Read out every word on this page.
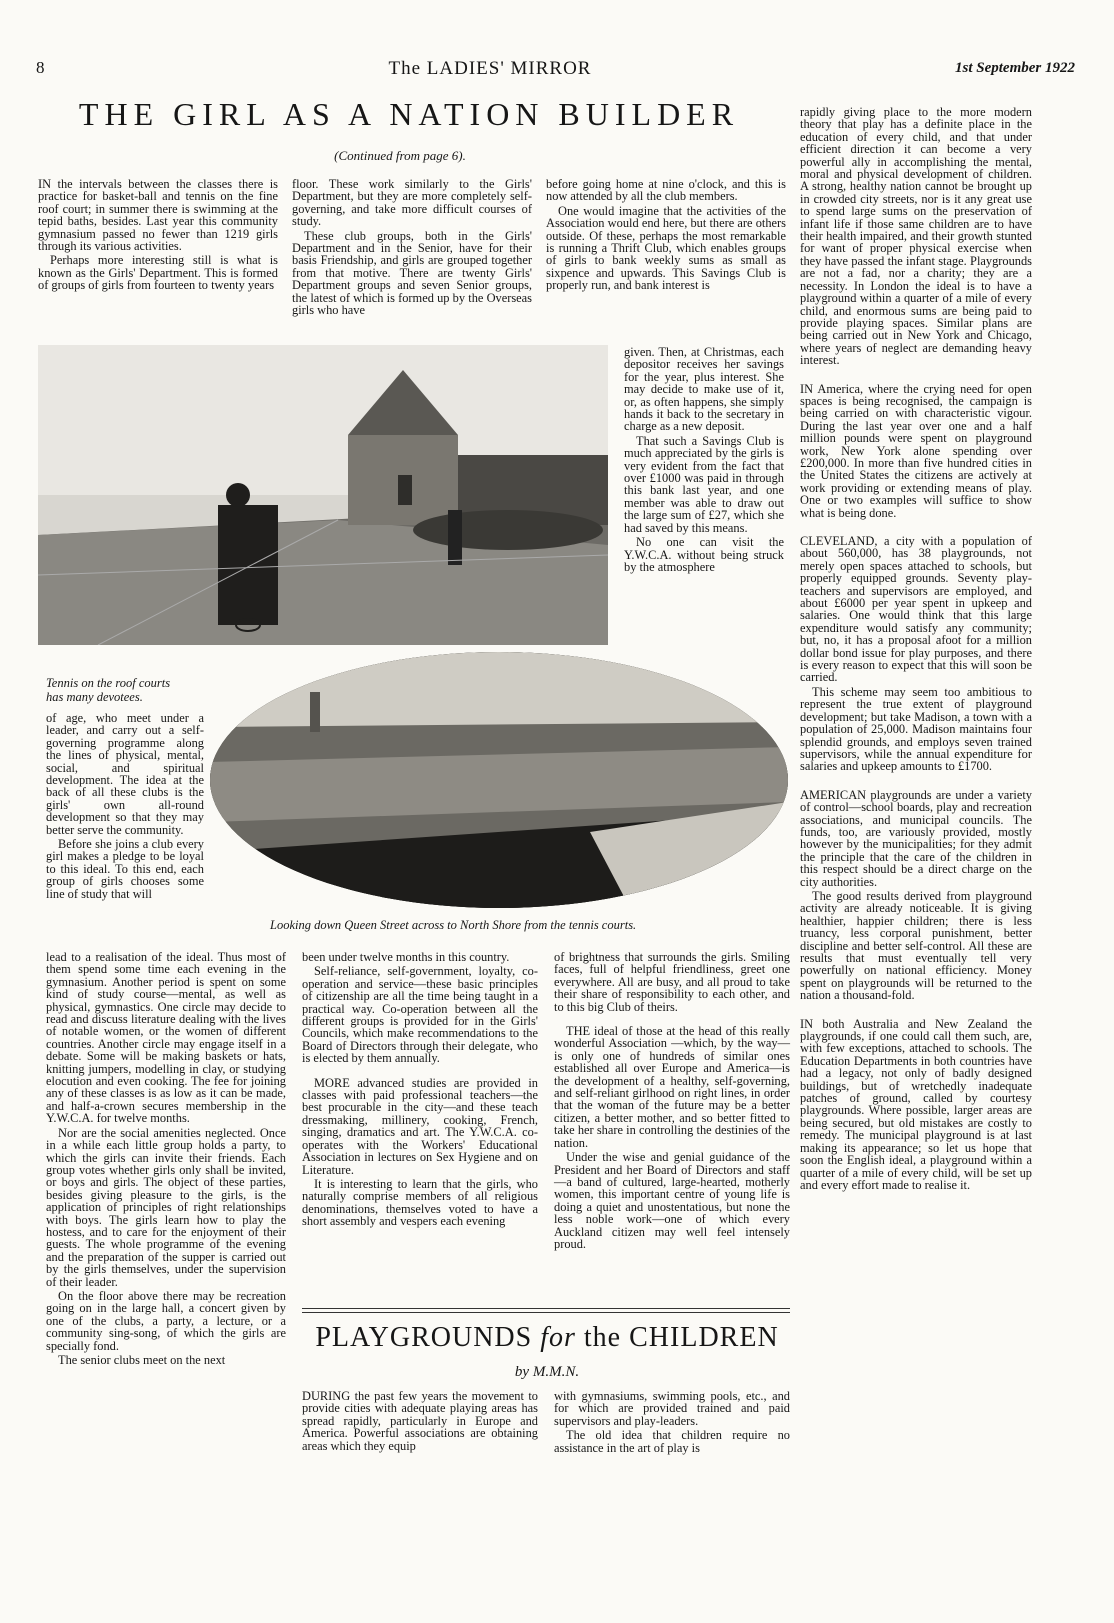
8	The LADIES' MIRROR	1st September 1922
THE GIRL AS A NATION BUILDER
(Continued from page 6).

IN the intervals between the classes there is practice for basket-ball and tennis on the fine roof court; in summer there is swimming at the tepid baths, besides. Last year this community gymnasium passed no fewer than 1219 girls through its various activities.

Perhaps more interesting still is what is known as the Girls' Department. This is formed of groups of girls from fourteen to twenty years

floor. These work similarly to the Girls' Department, but they are more completely self-governing, and take more difficult courses of study.

These club groups, both in the Girls' Department and in the Senior, have for their basis Friendship, and girls are grouped together from that motive. There are twenty Girls' Department groups and seven Senior groups, the latest of which is formed up by the Overseas girls who have

before going home at nine o'clock, and this is now attended by all the club members.

One would imagine that the activities of the Association would end here, but there are others outside. Of these, perhaps the most remarkable is running a Thrift Club, which enables groups of girls to bank weekly sums as small as sixpence and upwards. This Savings Club is properly run, and bank interest is

given. Then, at Christmas, each depositor receives her savings for the year, plus interest. She may decide to make use of it, or, as often happens, she simply hands it back to the secretary in charge as a new deposit.

That such a Savings Club is much appreciated by the girls is very evident from the fact that over £1000 was paid in through this bank last year, and one member was able to draw out the large sum of £27, which she had saved by this means.

No one can visit the Y.W.C.A. without being struck by the atmosphere

Tennis on the roof courts has many devotees.

of age, who meet under a leader, and carry out a self-governing programme along the lines of physical, mental, social, and spiritual development. The idea at the back of all these clubs is the girls' own all-round development so that they may better serve the community.

Before she joins a club every girl makes a pledge to be loyal to this ideal. To this end, each group of girls chooses some line of study that will

Looking down Queen Street across to North Shore from the tennis courts.

lead to a realisation of the ideal. Thus most of them spend some time each evening in the gymnasium. Another period is spent on some kind of study course—mental, as well as physical, gymnastics. One circle may decide to read and discuss literature dealing with the lives of notable women, or the women of different countries. Another circle may engage itself in a debate. Some will be making baskets or hats, knitting jumpers, modelling in clay, or studying elocution and even cooking. The fee for joining any of these classes is as low as it can be made, and half-a-crown secures membership in the Y.W.C.A. for twelve months.

Nor are the social amenities neglected. Once in a while each little group holds a party, to which the girls can invite their friends. Each group votes whether girls only shall be invited, or boys and girls. The object of these parties, besides giving pleasure to the girls, is the application of principles of right relationships with boys. The girls learn how to play the hostess, and to care for the enjoyment of their guests. The whole programme of the evening and the preparation of the supper is carried out by the girls themselves, under the supervision of their leader.

On the floor above there may be recreation going on in the large hall, a concert given by one of the clubs, a party, a lecture, or a community sing-song, of which the girls are specially fond.

The senior clubs meet on the next

been under twelve months in this country.

Self-reliance, self-government, loyalty, co-operation and service—these basic principles of citizenship are all the time being taught in a practical way. Co-operation between all the different groups is provided for in the Girls' Councils, which make recommendations to the Board of Directors through their delegate, who is elected by them annually.

MORE advanced studies are provided in classes with paid professional teachers—the best procurable in the city—and these teach dressmaking, millinery, cooking, French, singing, dramatics and art. The Y.W.C.A. co-operates with the Workers' Educational Association in lectures on Sex Hygiene and on Literature.

It is interesting to learn that the girls, who naturally comprise members of all religious denominations, themselves voted to have a short assembly and vespers each evening

of brightness that surrounds the girls. Smiling faces, full of helpful friendliness, greet one everywhere. All are busy, and all proud to take their share of responsibility to each other, and to this big Club of theirs.

THE ideal of those at the head of this really wonderful Association —which, by the way—is only one of hundreds of similar ones established all over Europe and America—is the development of a healthy, self-governing, and self-reliant girlhood on right lines, in order that the woman of the future may be a better citizen, a better mother, and so better fitted to take her share in controlling the destinies of the nation.

Under the wise and genial guidance of the President and her Board of Directors and staff—a band of cultured, large-hearted, motherly women, this important centre of young life is doing a quiet and unostentatious, but none the less noble work—one of which every Auckland citizen may well feel intensely proud.

PLAYGROUNDS for the CHILDREN
by M.M.N.

DURING the past few years the movement to provide cities with adequate playing areas has spread rapidly, particularly in Europe and America. Powerful associations are obtaining areas which they equip

with gymnasiums, swimming pools, etc., and for which are provided trained and paid supervisors and play-leaders.

The old idea that children require no assistance in the art of play is

rapidly giving place to the more modern theory that play has a definite place in the education of every child, and that under efficient direction it can become a very powerful ally in accomplishing the mental, moral and physical development of children. A strong, healthy nation cannot be brought up in crowded city streets, nor is it any great use to spend large sums on the preservation of infant life if those same children are to have their health impaired, and their growth stunted for want of proper physical exercise when they have passed the infant stage. Playgrounds are not a fad, nor a charity; they are a necessity. In London the ideal is to have a playground within a quarter of a mile of every child, and enormous sums are being paid to provide playing spaces. Similar plans are being carried out in New York and Chicago, where years of neglect are demanding heavy interest.

IN America, where the crying need for open spaces is being recognised, the campaign is being carried on with characteristic vigour. During the last year over one and a half million pounds were spent on playground work, New York alone spending over £200,000. In more than five hundred cities in the United States the citizens are actively at work providing or extending means of play. One or two examples will suffice to show what is being done.

CLEVELAND, a city with a population of about 560,000, has 38 playgrounds, not merely open spaces attached to schools, but properly equipped grounds. Seventy play-teachers and supervisors are employed, and about £6000 per year spent in upkeep and salaries. One would think that this large expenditure would satisfy any community; but, no, it has a proposal afoot for a million dollar bond issue for play purposes, and there is every reason to expect that this will soon be carried.

This scheme may seem too ambitious to represent the true extent of playground development; but take Madison, a town with a population of 25,000. Madison maintains four splendid grounds, and employs seven trained supervisors, while the annual expenditure for salaries and upkeep amounts to £1700.

AMERICAN playgrounds are under a variety of control—school boards, play and recreation associations, and municipal councils. The funds, too, are variously provided, mostly however by the municipalities; for they admit the principle that the care of the children in this respect should be a direct charge on the city authorities.

The good results derived from playground activity are already noticeable. It is giving healthier, happier children; there is less truancy, less corporal punishment, better discipline and better self-control. All these are results that must eventually tell very powerfully on national efficiency. Money spent on playgrounds will be returned to the nation a thousand-fold.

IN both Australia and New Zealand the playgrounds, if one could call them such, are, with few exceptions, attached to schools. The Education Departments in both countries have had a legacy, not only of badly designed buildings, but of wretchedly inadequate patches of ground, called by courtesy playgrounds. Where possible, larger areas are being secured, but old mistakes are costly to remedy. The municipal playground is at last making its appearance; so let us hope that soon the English ideal, a playground within a quarter of a mile of every child, will be set up and every effort made to realise it.
